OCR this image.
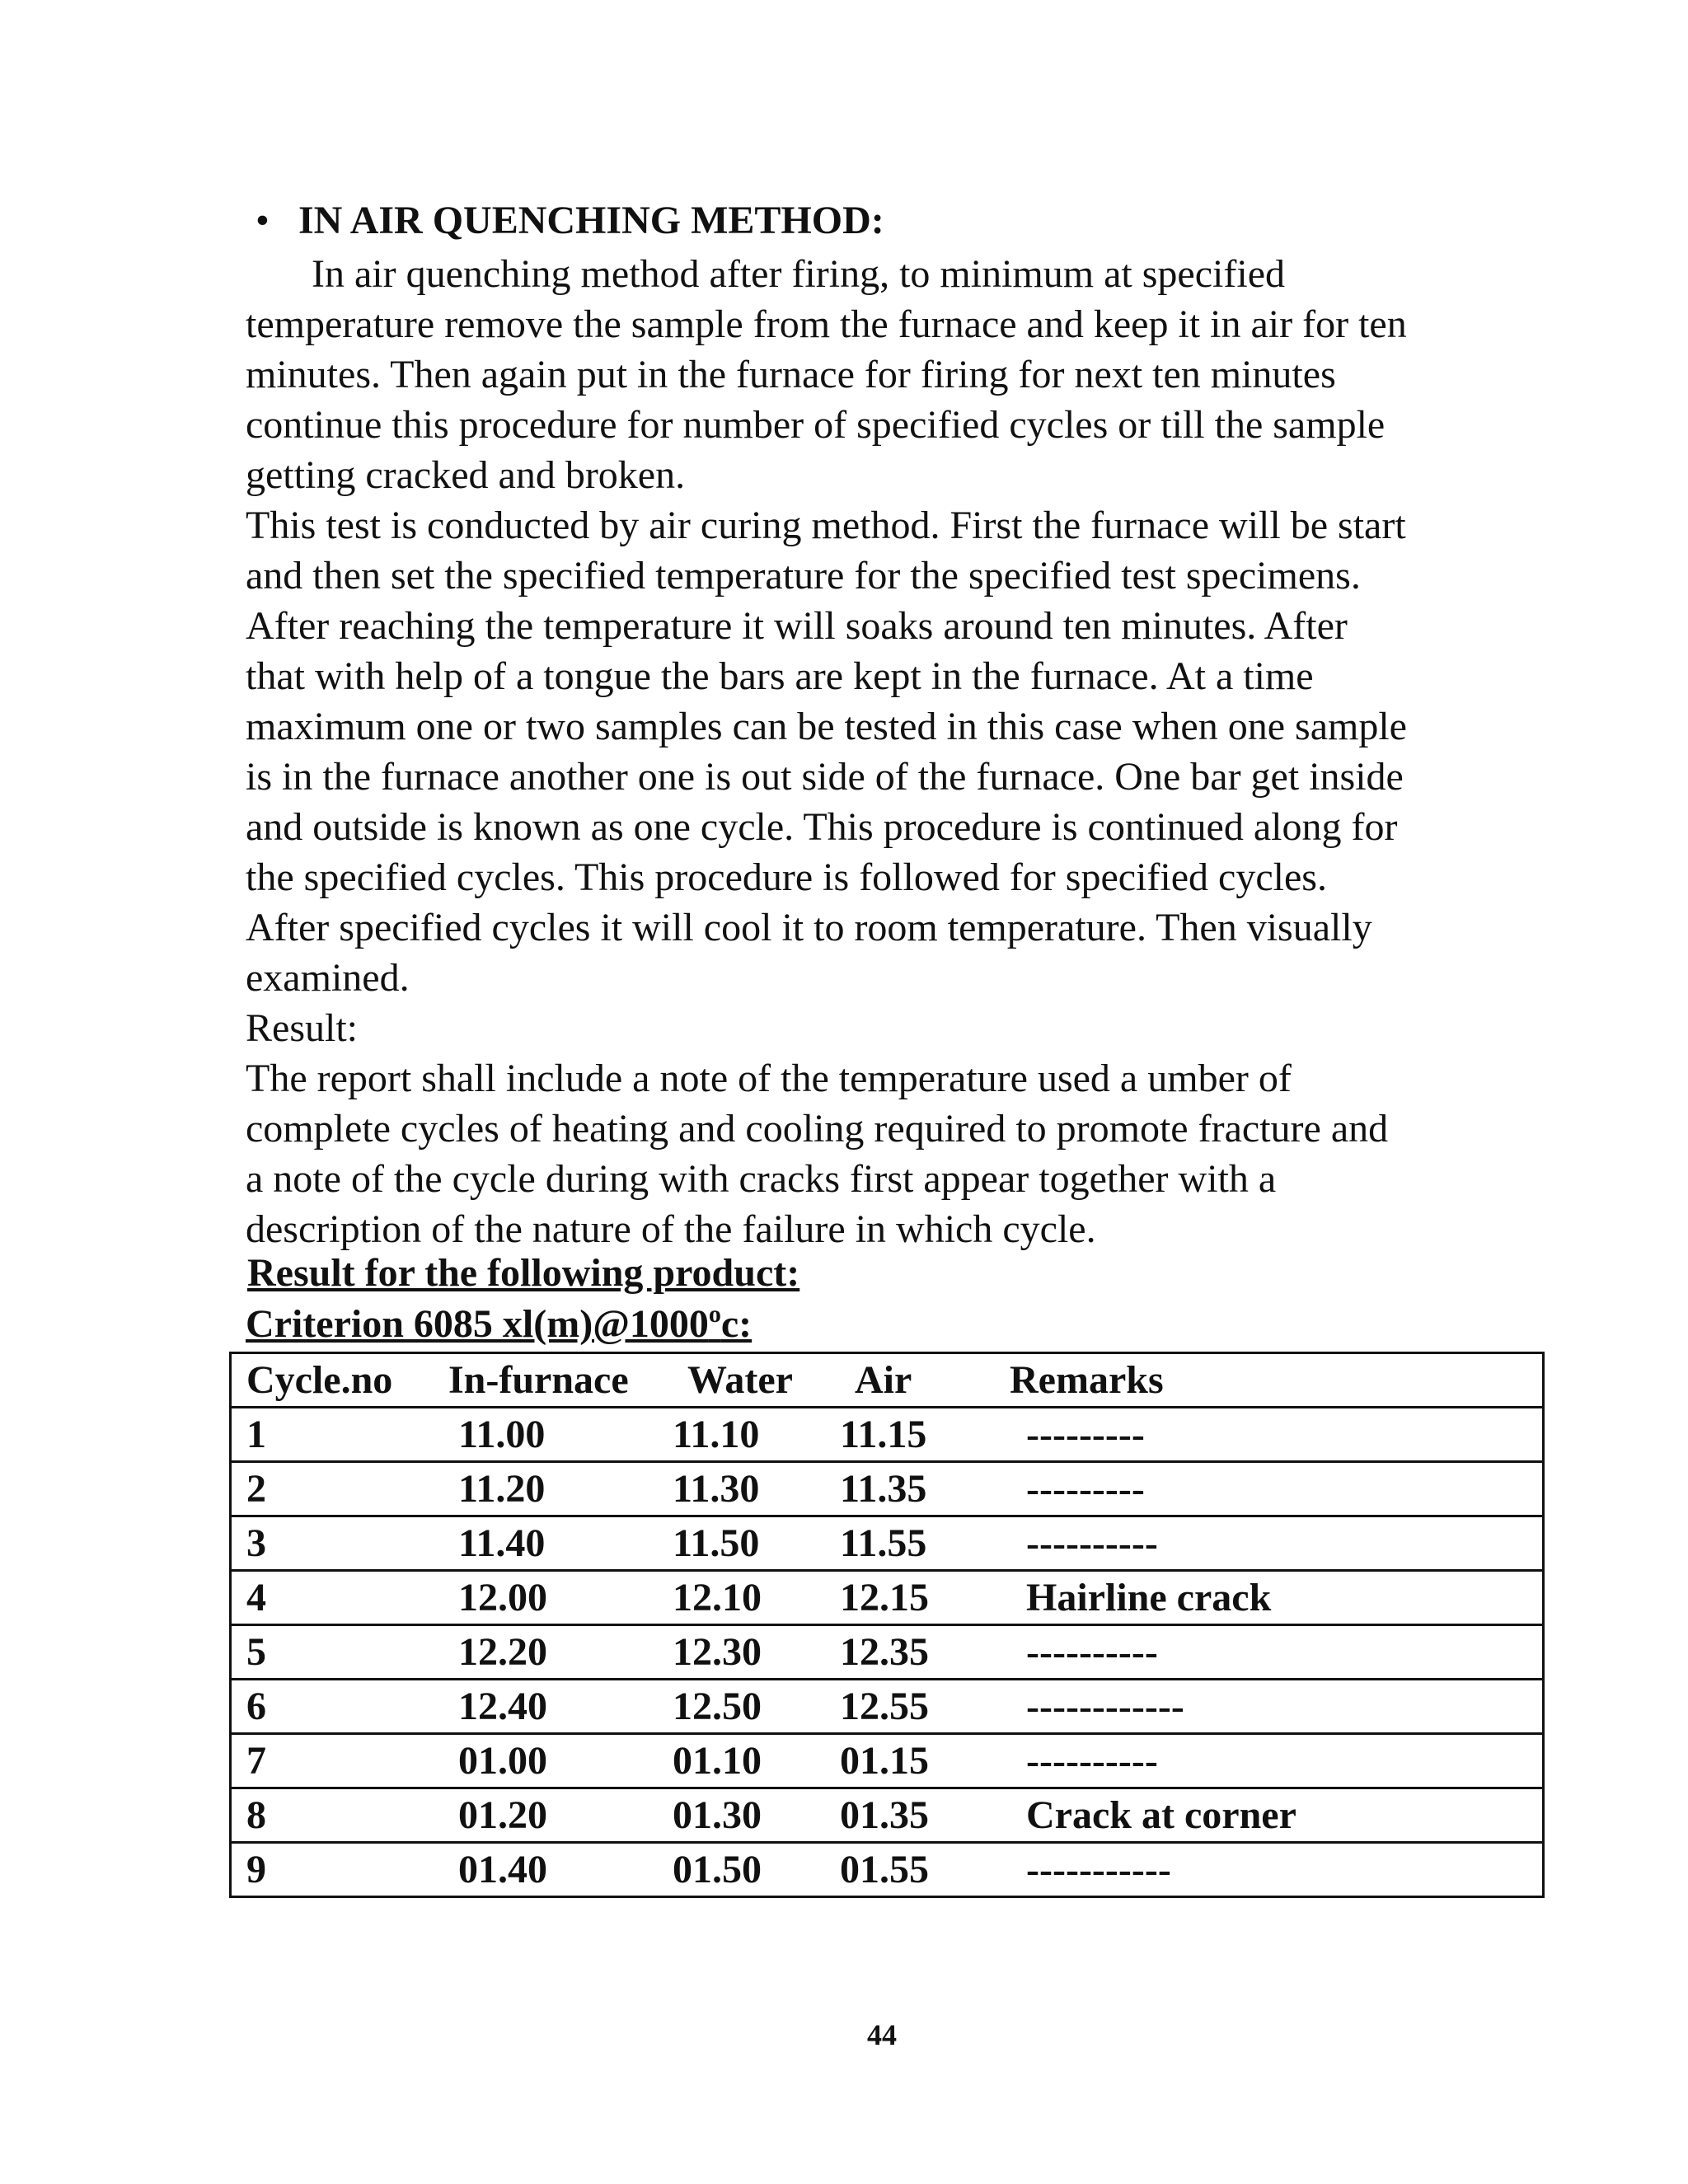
• IN AIR QUENCHING METHOD:
In air quenching method after firing, to minimum at specified
temperature remove the sample from the furnace and keep it in air for ten
minutes. Then again put in the furnace for firing for next ten minutes
continue this procedure for number of specified cycles or till the sample
getting cracked and broken.
This test is conducted by air curing method. First the furnace will be start
and then set the specified temperature for the specified test specimens.
After reaching the temperature it will soaks around ten minutes. After
that with help of a tongue the bars are kept in the furnace. At a time
maximum one or two samples can be tested in this case when one sample
is in the furnace another one is out side of the furnace. One bar get inside
and outside is known as one cycle. This procedure is continued along for
the specified cycles. This procedure is followed for specified cycles.
After specified cycles it will cool it to room temperature. Then visually
examined.
Result:
The report shall include a note of the temperature used a umber of
complete cycles of heating and cooling required to promote fracture and
a note of the cycle during with cracks first appear together with a
description of the nature of the failure in which cycle.

Result for the following product:

Criterion 6085 xl(m)@1000$^o$c:

Cycle.no	In-furnace	Water	Air	Remarks
1	11.00	11.10	11.15	---------
2	11.20	11.30	11.35	---------
3	11.40	11.50	11.55	----------
4	12.00	12.10	12.15	Hairline crack
5	12.20	12.30	12.35	----------
6	12.40	12.50	12.55	------------
7	01.00	01.10	01.15	----------
8	01.20	01.30	01.35	Crack at corner
9	01.40	01.50	01.55	-----------
44
